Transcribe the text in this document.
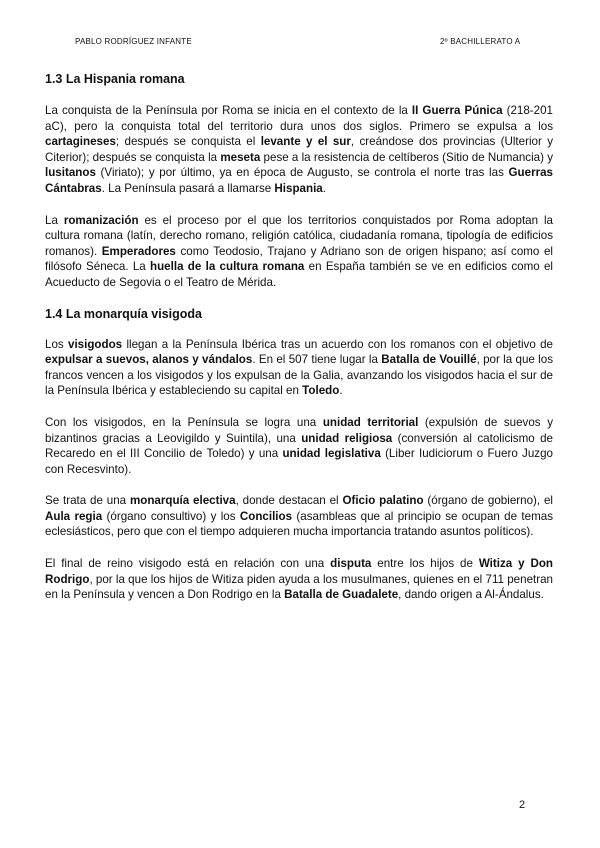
PABLO RODRÍGUEZ INFANTE	2º BACHILLERATO A
1.3 La Hispania romana

La conquista de la Península por Roma se inicia en el contexto de la II Guerra Púnica (218-201 aC), pero la conquista total del territorio dura unos dos siglos. Primero se expulsa a los cartagineses; después se conquista el levante y el sur, creándose dos provincias (Ulterior y Citerior); después se conquista la meseta pese a la resistencia de celtíberos (Sitio de Numancia) y lusitanos (Viriato); y por último, ya en época de Augusto, se controla el norte tras las Guerras Cántabras. La Península pasará a llamarse Hispania.

La romanización es el proceso por el que los territorios conquistados por Roma adoptan la cultura romana (latín, derecho romano, religión católica, ciudadanía romana, tipología de edificios romanos). Emperadores como Teodosio, Trajano y Adriano son de origen hispano; así como el filósofo Séneca. La huella de la cultura romana en España también se ve en edificios como el Acueducto de Segovia o el Teatro de Mérida.

1.4 La monarquía visigoda

Los visigodos llegan a la Península Ibérica tras un acuerdo con los romanos con el objetivo de expulsar a suevos, alanos y vándalos. En el 507 tiene lugar la Batalla de Vouillé, por la que los francos vencen a los visigodos y los expulsan de la Galia, avanzando los visigodos hacia el sur de la Península Ibérica y estableciendo su capital en Toledo.

Con los visigodos, en la Península se logra una unidad territorial (expulsión de suevos y bizantinos gracias a Leovigildo y Suintila), una unidad religiosa (conversión al catolicismo de Recaredo en el III Concilio de Toledo) y una unidad legislativa (Liber Iudiciorum o Fuero Juzgo con Recesvinto).

Se trata de una monarquía electiva, donde destacan el Oficio palatino (órgano de gobierno), el Aula regia (órgano consultivo) y los Concilios (asambleas que al principio se ocupan de temas eclesiásticos, pero que con el tiempo adquieren mucha importancia tratando asuntos políticos).

El final de reino visigodo está en relación con una disputa entre los hijos de Witiza y Don Rodrigo, por la que los hijos de Witiza piden ayuda a los musulmanes, quienes en el 711 penetran en la Península y vencen a Don Rodrigo en la Batalla de Guadalete, dando origen a Al-Ándalus.

2
